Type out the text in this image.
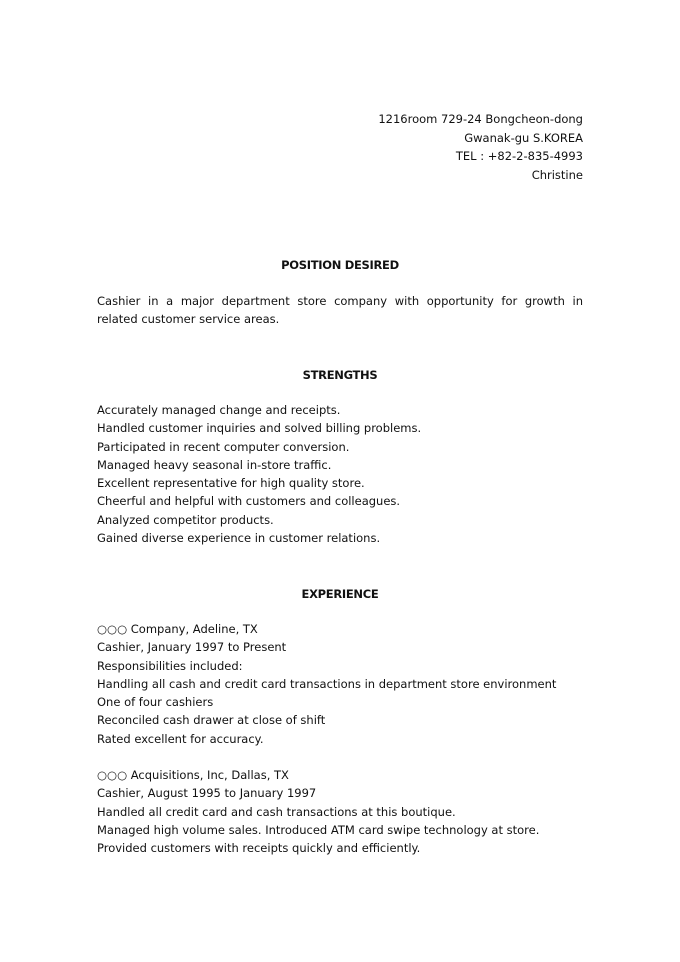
1216room 729-24 Bongcheon-dong
Gwanak-gu S.KOREA
TEL : +82-2-835-4993
Christine
POSITION DESIRED
Cashier in a major department store company with opportunity for growth in related customer service areas.
STRENGTHS
Accurately managed change and receipts.
Handled customer inquiries and solved billing problems.
Participated in recent computer conversion.
Managed heavy seasonal in-store traffic.
Excellent representative for high quality store.
Cheerful and helpful with customers and colleagues.
Analyzed competitor products.
Gained diverse experience in customer relations.
EXPERIENCE
○○○ Company, Adeline, TX
Cashier, January 1997 to Present
Responsibilities included:
Handling all cash and credit card transactions in department store environment
One of four cashiers
Reconciled cash drawer at close of shift
Rated excellent for accuracy.
○○○ Acquisitions, Inc, Dallas, TX
Cashier, August 1995 to January 1997
Handled all credit card and cash transactions at this boutique.
Managed high volume sales. Introduced ATM card swipe technology at store.
Provided customers with receipts quickly and efficiently.
